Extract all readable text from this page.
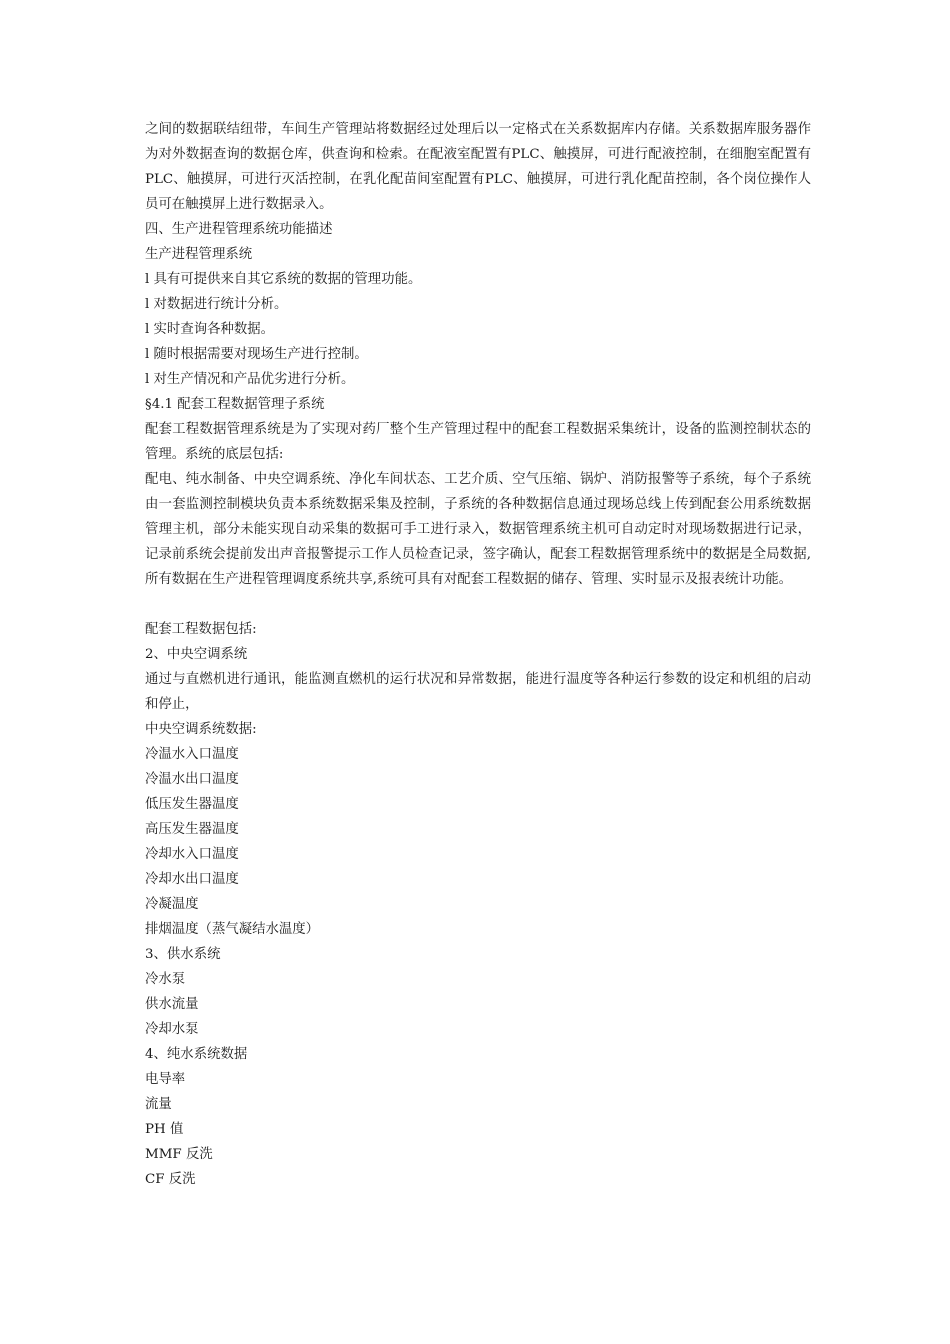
之间的数据联结纽带，车间生产管理站将数据经过处理后以一定格式在关系数据库内存储。关系数据库服务器作为对外数据查询的数据仓库，供查询和检索。在配液室配置有PLC、触摸屏，可进行配液控制，在细胞室配置有PLC、触摸屏，可进行灭活控制，在乳化配苗间室配置有PLC、触摸屏，可进行乳化配苗控制，各个岗位操作人员可在触摸屏上进行数据录入。

四、生产进程管理系统功能描述

生产进程管理系统

l 具有可提供来自其它系统的数据的管理功能。

l 对数据进行统计分析。

l 实时查询各种数据。

l 随时根据需要对现场生产进行控制。

l 对生产情况和产品优劣进行分析。

§4.1 配套工程数据管理子系统

配套工程数据管理系统是为了实现对药厂整个生产管理过程中的配套工程数据采集统计，设备的监测控制状态的管理。系统的底层包括:

配电、纯水制备、中央空调系统、净化车间状态、工艺介质、空气压缩、锅炉、消防报警等子系统，每个子系统由一套监测控制模块负责本系统数据采集及控制，子系统的各种数据信息通过现场总线上传到配套公用系统数据管理主机，部分未能实现自动采集的数据可手工进行录入，数据管理系统主机可自动定时对现场数据进行记录，记录前系统会提前发出声音报警提示工作人员检查记录，签字确认，配套工程数据管理系统中的数据是全局数据,所有数据在生产进程管理调度系统共享,系统可具有对配套工程数据的储存、管理、实时显示及报表统计功能。

配套工程数据包括:

2、中央空调系统

通过与直燃机进行通讯，能监测直燃机的运行状况和异常数据，能进行温度等各种运行参数的设定和机组的启动和停止，

中央空调系统数据:

冷温水入口温度

冷温水出口温度

低压发生器温度

高压发生器温度

冷却水入口温度

冷却水出口温度

冷凝温度

排烟温度（蒸气凝结水温度）

3、供水系统

冷水泵

供水流量

冷却水泵

4、纯水系统数据

电导率

流量

PH 值

MMF 反洗

CF 反洗
